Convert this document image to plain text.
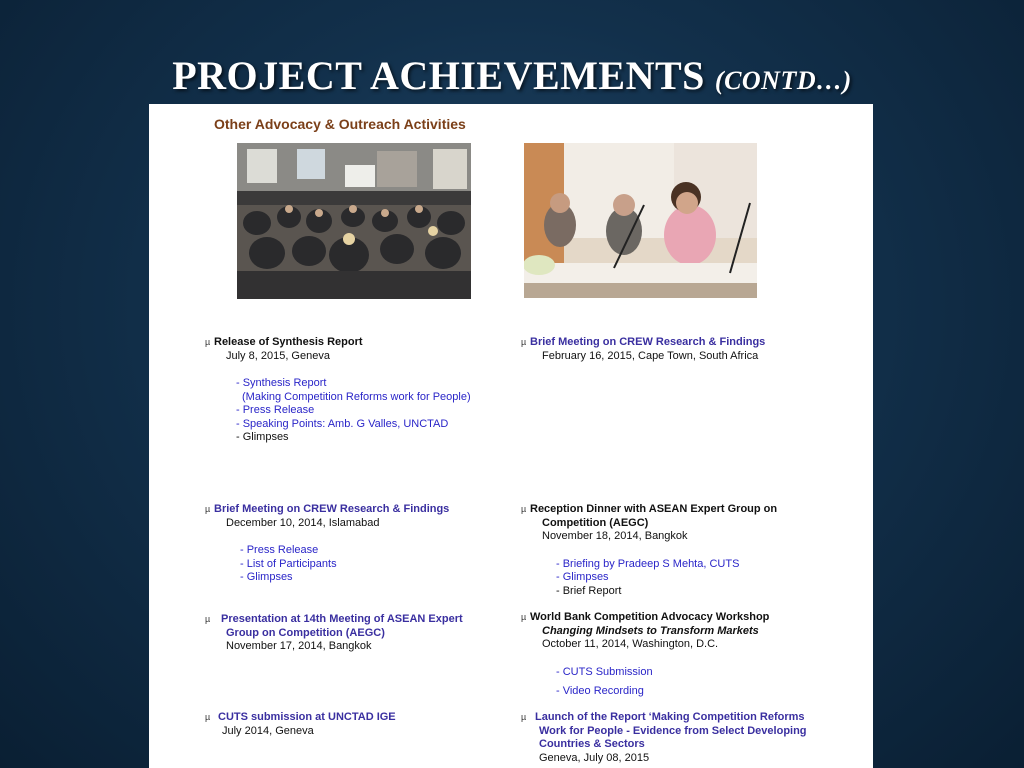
PROJECT ACHIEVEMENTS (CONTD…)
Other Advocacy & Outreach Activities
µ Release of Synthesis Report
July 8, 2015, Geneva
- Synthesis Report
(Making Competition Reforms work for People)
- Press Release
- Speaking Points: Amb. G Valles, UNCTAD
- Glimpses
µ Brief Meeting on CREW Research & Findings
December 10, 2014, Islamabad
- Press Release
- List of Participants
- Glimpses
µ Presentation at 14th Meeting of ASEAN Expert
Group on Competition (AEGC)
November 17, 2014, Bangkok
µ CUTS submission at UNCTAD IGE
July 2014, Geneva
µ Brief Meeting on CREW Research & Findings
February 16, 2015, Cape Town, South Africa
µ Reception Dinner with ASEAN Expert Group on
Competition (AEGC)
November 18, 2014, Bangkok
- Briefing by Pradeep S Mehta, CUTS
- Glimpses
- Brief Report
µ World Bank Competition Advocacy Workshop
Changing Mindsets to Transform Markets
October 11, 2014, Washington, D.C.
- CUTS Submission
- Video Recording
µ Launch of the Report ‘Making Competition Reforms
Work for People - Evidence from Select Developing
Countries & Sectors
Geneva, July 08, 2015
